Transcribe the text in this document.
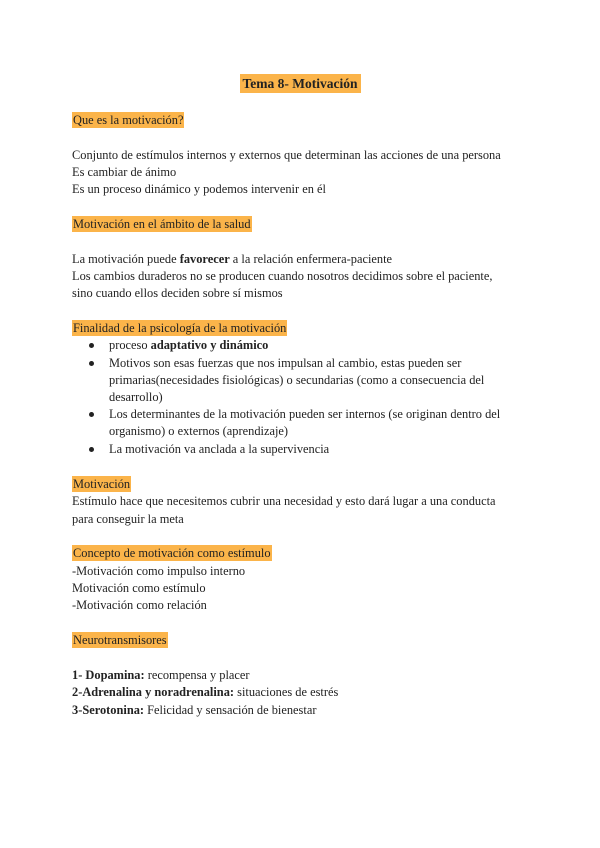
Tema 8- Motivación
Que es la motivación?
Conjunto de estímulos internos y externos que determinan las acciones de una persona
Es cambiar de ánimo
Es un proceso dinámico y podemos intervenir en él
Motivación en el ámbito de la salud
La motivación puede favorecer a la relación enfermera-paciente
Los cambios duraderos no se producen cuando nosotros decidimos sobre el paciente,
sino cuando ellos deciden sobre sí mismos
Finalidad de la psicología de la motivación
proceso adaptativo y dinámico
Motivos son esas fuerzas que nos impulsan al cambio, estas pueden ser
primarias(necesidades fisiológicas) o secundarias (como a consecuencia del
desarrollo)
Los determinantes de la motivación pueden ser internos (se originan dentro del
organismo) o externos (aprendizaje)
La motivación va anclada a la supervivencia
Motivación
Estímulo hace que necesitemos cubrir una necesidad y esto dará lugar a una conducta
para conseguir la meta
Concepto de motivación como estímulo
-Motivación como impulso interno
Motivación como estímulo
-Motivación como relación
Neurotransmisores
1- Dopamina: recompensa y placer
2-Adrenalina y noradrenalina: situaciones de estrés
3-Serotonina: Felicidad y sensación de bienestar
